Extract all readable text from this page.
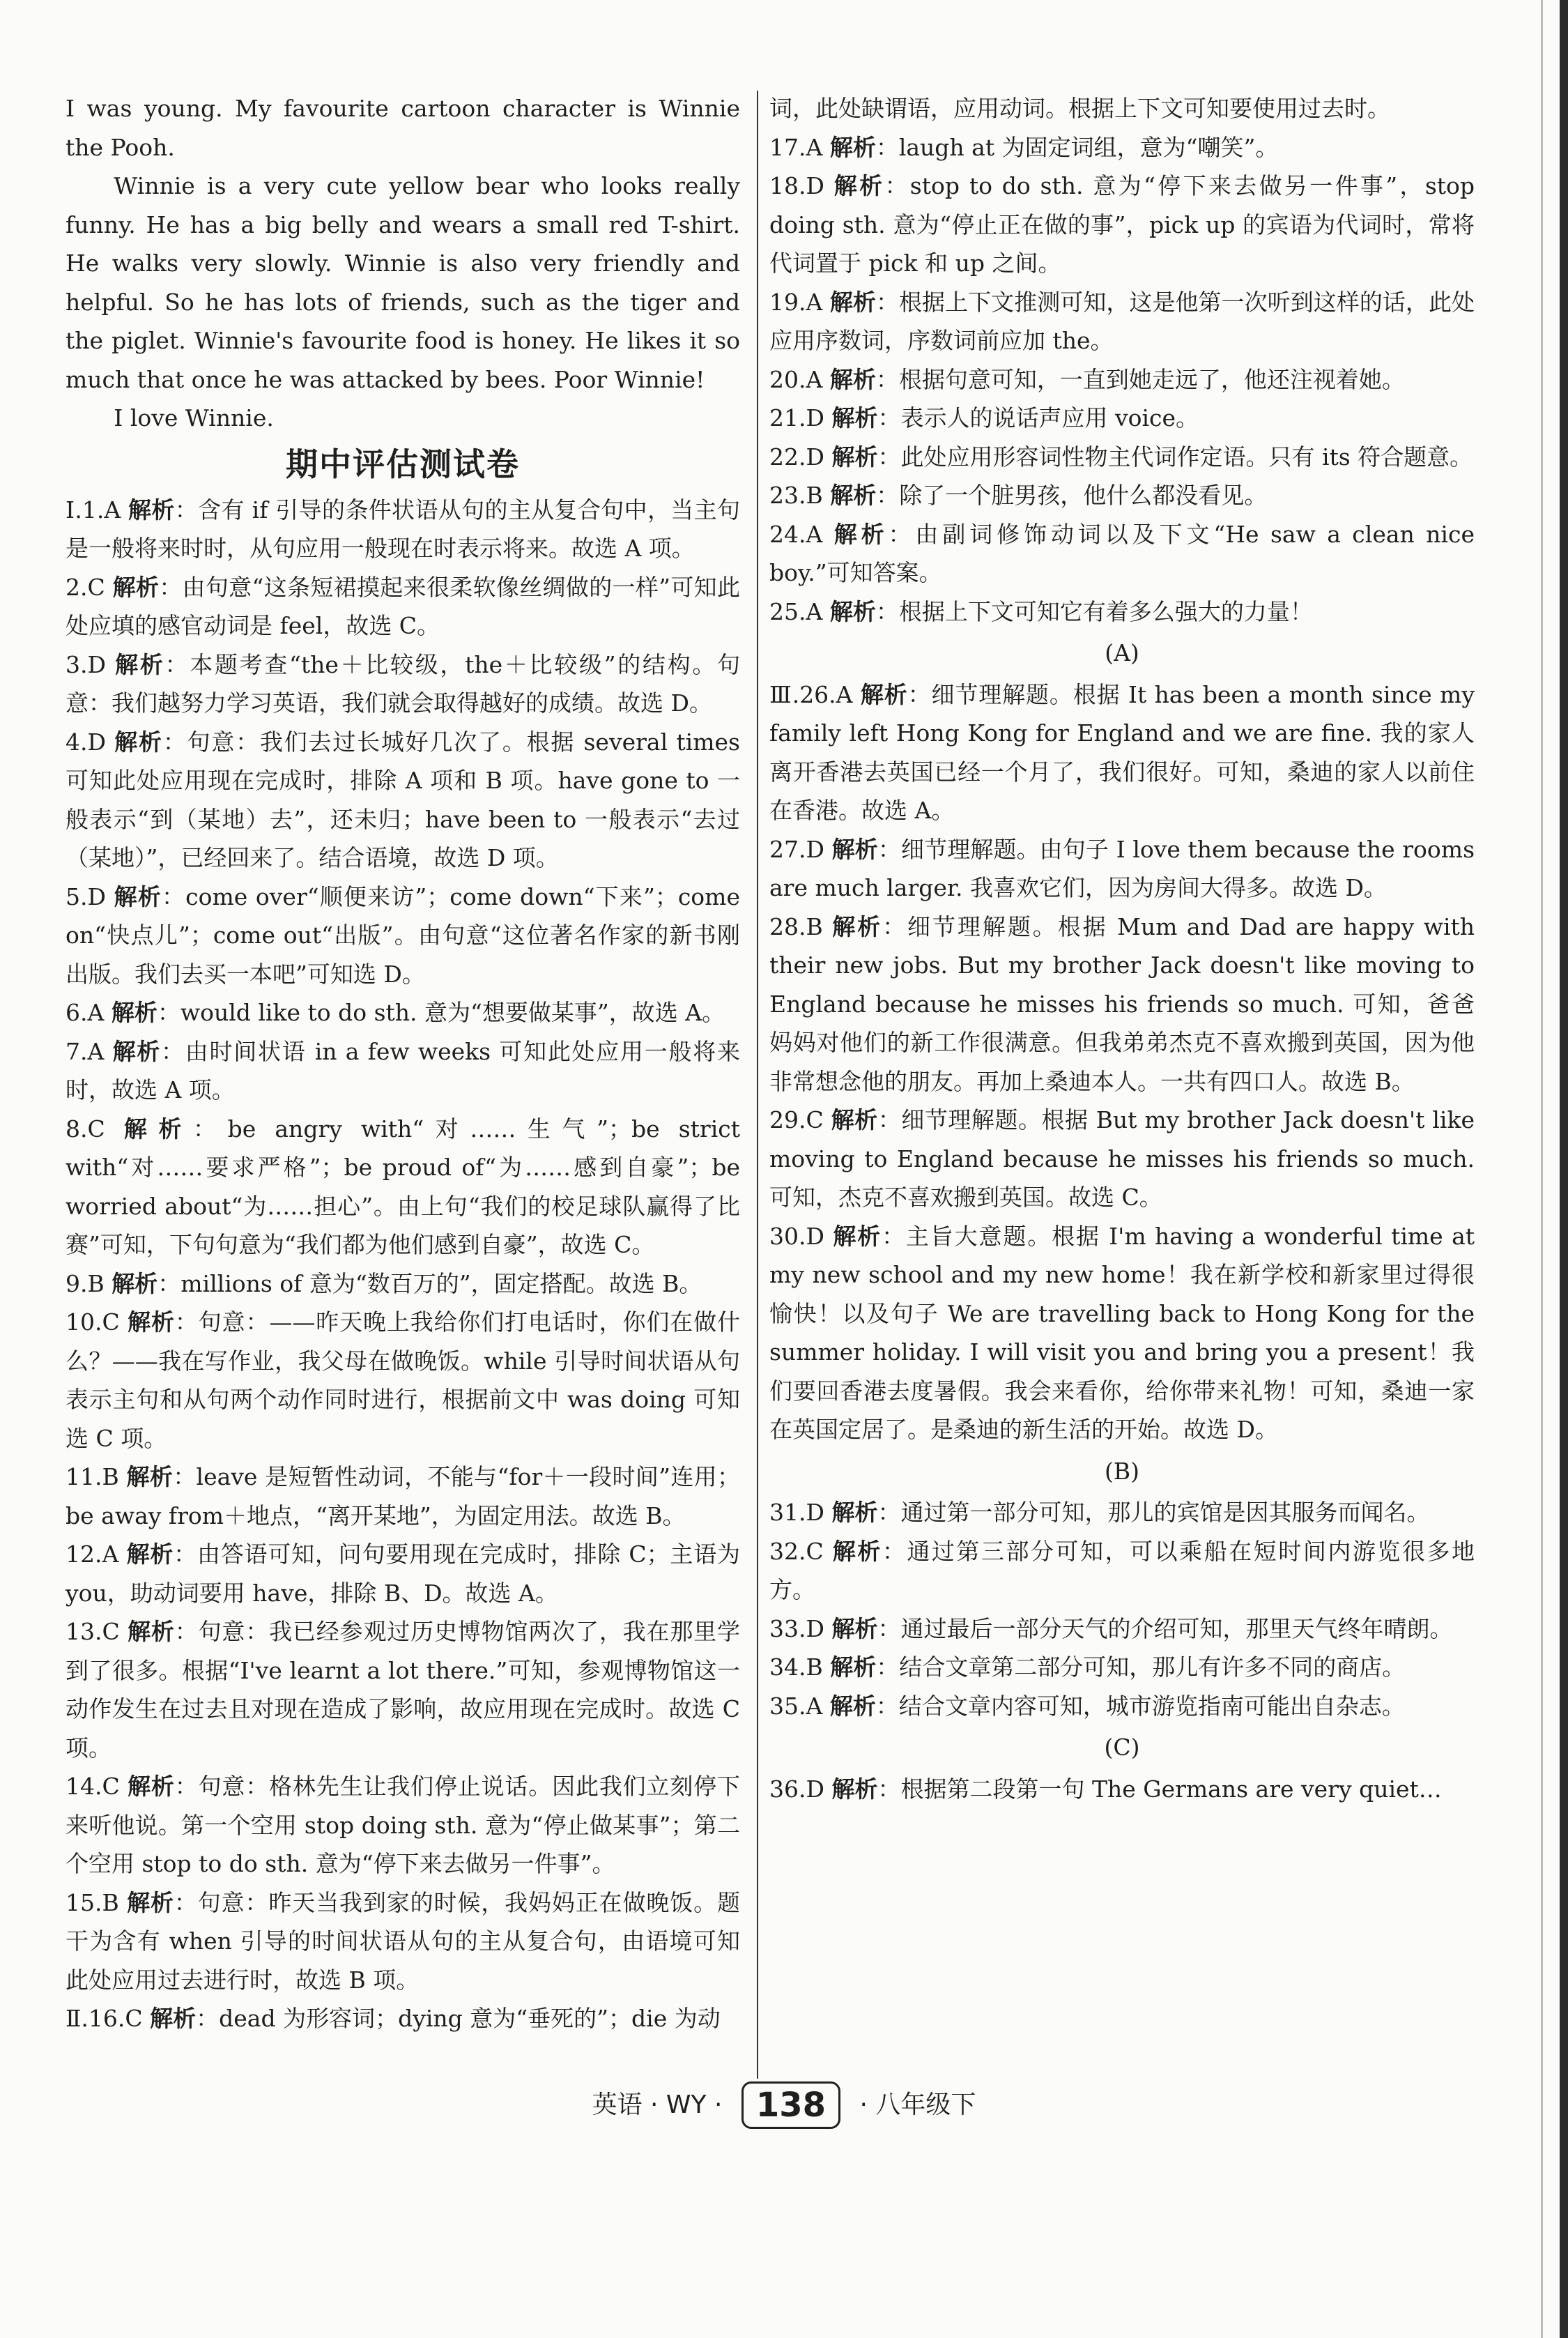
I was young. My favourite cartoon character is Winnie the Pooh.

Winnie is a very cute yellow bear who looks really funny. He has a big belly and wears a small red T-shirt. He walks very slowly. Winnie is also very friendly and helpful. So he has lots of friends, such as the tiger and the piglet. Winnie's favourite food is honey. He likes it so much that once he was attacked by bees. Poor Winnie!

I love Winnie.

期中评估测试卷

Ⅰ.1.A 解析：含有 if 引导的条件状语从句的主从复合句中，当主句是一般将来时时，从句应用一般现在时表示将来。故选 A 项。

2.C 解析：由句意“这条短裙摸起来很柔软像丝绸做的一样”可知此处应填的感官动词是 feel，故选 C。

3.D 解析：本题考查“the＋比较级，the＋比较级”的结构。句意：我们越努力学习英语，我们就会取得越好的成绩。故选 D。

4.D 解析：句意：我们去过长城好几次了。根据 several times 可知此处应用现在完成时，排除 A 项和 B 项。have gone to 一般表示“到（某地）去”，还未归；have been to 一般表示“去过（某地）”，已经回来了。结合语境，故选 D 项。

5.D 解析：come over“顺便来访”；come down“下来”；come on“快点儿”；come out“出版”。由句意“这位著名作家的新书刚出版。我们去买一本吧”可知选 D。

6.A 解析：would like to do sth. 意为“想要做某事”，故选 A。

7.A 解析：由时间状语 in a few weeks 可知此处应用一般将来时，故选 A 项。

8.C 解析：be angry with“对……生气”；be strict with“对……要求严格”；be proud of“为……感到自豪”；be worried about“为……担心”。由上句“我们的校足球队赢得了比赛”可知，下句句意为“我们都为他们感到自豪”，故选 C。

9.B 解析：millions of 意为“数百万的”，固定搭配。故选 B。

10.C 解析：句意：——昨天晚上我给你们打电话时，你们在做什么？——我在写作业，我父母在做晚饭。while 引导时间状语从句表示主句和从句两个动作同时进行，根据前文中 was doing 可知选 C 项。

11.B 解析：leave 是短暂性动词，不能与“for＋一段时间”连用；be away from＋地点，“离开某地”，为固定用法。故选 B。

12.A 解析：由答语可知，问句要用现在完成时，排除 C；主语为 you，助动词要用 have，排除 B、D。故选 A。

13.C 解析：句意：我已经参观过历史博物馆两次了，我在那里学到了很多。根据“I've learnt a lot there.”可知，参观博物馆这一动作发生在过去且对现在造成了影响，故应用现在完成时。故选 C 项。

14.C 解析：句意：格林先生让我们停止说话。因此我们立刻停下来听他说。第一个空用 stop doing sth. 意为“停止做某事”；第二个空用 stop to do sth. 意为“停下来去做另一件事”。

15.B 解析：句意：昨天当我到家的时候，我妈妈正在做晚饭。题干为含有 when 引导的时间状语从句的主从复合句，由语境可知此处应用过去进行时，故选 B 项。

Ⅱ.16.C 解析：dead 为形容词；dying 意为“垂死的”；die 为动

词，此处缺谓语，应用动词。根据上下文可知要使用过去时。

17.A 解析：laugh at 为固定词组，意为“嘲笑”。

18.D 解析：stop to do sth. 意为“停下来去做另一件事”，stop doing sth. 意为“停止正在做的事”，pick up 的宾语为代词时，常将代词置于 pick 和 up 之间。

19.A 解析：根据上下文推测可知，这是他第一次听到这样的话，此处应用序数词，序数词前应加 the。

20.A 解析：根据句意可知，一直到她走远了，他还注视着她。

21.D 解析：表示人的说话声应用 voice。

22.D 解析：此处应用形容词性物主代词作定语。只有 its 符合题意。

23.B 解析：除了一个脏男孩，他什么都没看见。

24.A 解析：由副词修饰动词以及下文“He saw a clean nice boy.”可知答案。

25.A 解析：根据上下文可知它有着多么强大的力量！

(A)

Ⅲ.26.A 解析：细节理解题。根据 It has been a month since my family left Hong Kong for England and we are fine. 我的家人离开香港去英国已经一个月了，我们很好。可知，桑迪的家人以前住在香港。故选 A。

27.D 解析：细节理解题。由句子 I love them because the rooms are much larger. 我喜欢它们，因为房间大得多。故选 D。

28.B 解析：细节理解题。根据 Mum and Dad are happy with their new jobs. But my brother Jack doesn't like moving to England because he misses his friends so much. 可知，爸爸妈妈对他们的新工作很满意。但我弟弟杰克不喜欢搬到英国，因为他非常想念他的朋友。再加上桑迪本人。一共有四口人。故选 B。

29.C 解析：细节理解题。根据 But my brother Jack doesn't like moving to England because he misses his friends so much. 可知，杰克不喜欢搬到英国。故选 C。

30.D 解析：主旨大意题。根据 I'm having a wonderful time at my new school and my new home！我在新学校和新家里过得很愉快！以及句子 We are travelling back to Hong Kong for the summer holiday. I will visit you and bring you a present！我们要回香港去度暑假。我会来看你，给你带来礼物！可知，桑迪一家在英国定居了。是桑迪的新生活的开始。故选 D。

(B)

31.D 解析：通过第一部分可知，那儿的宾馆是因其服务而闻名。

32.C 解析：通过第三部分可知，可以乘船在短时间内游览很多地方。

33.D 解析：通过最后一部分天气的介绍可知，那里天气终年晴朗。

34.B 解析：结合文章第二部分可知，那儿有许多不同的商店。

35.A 解析：结合文章内容可知，城市游览指南可能出自杂志。

(C)

36.D 解析：根据第二段第一句 The Germans are very quiet…

英语 · WY · 138 · 八年级下
